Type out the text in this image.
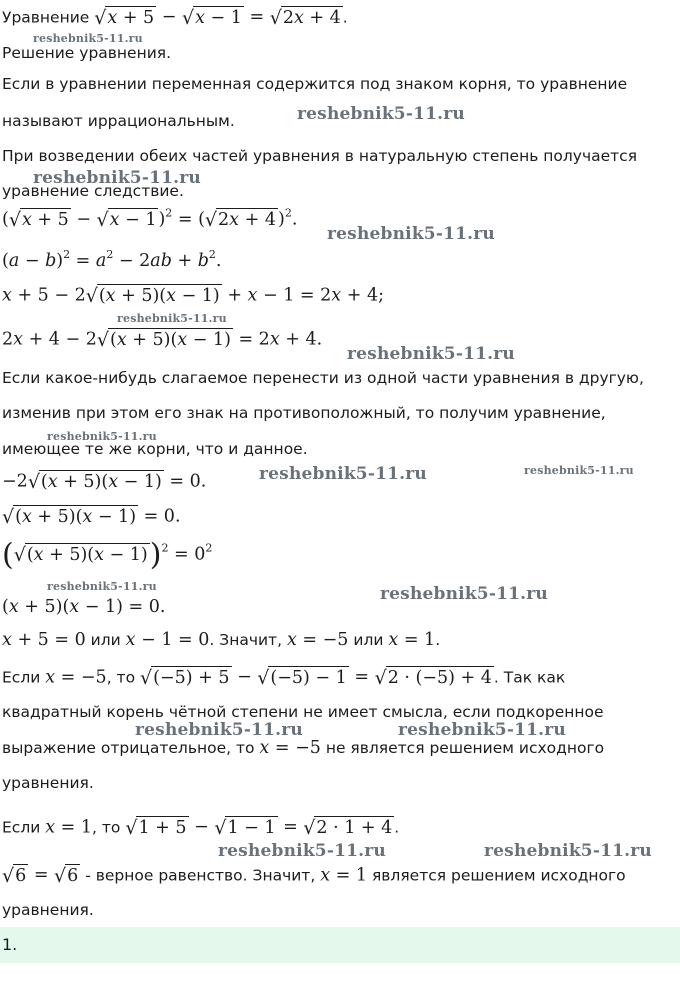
Уравнение √ x + 5 − √ x − 1 = √ 2x + 4 .
Решение уравнения.
Если в уравнении переменная содержится под знаком корня, то уравнение
называют иррациональным.
При возведении обеих частей уравнения в натуральную степень получается
уравнение следствие.
( √ x + 5 − √ x − 1 )$^2$ = ( √ 2x + 4 )$^2$.
$(a - b)^2 = a^2 - 2ab + b^2$.
x + 5 − 2 √ (x + 5)(x − 1) + x − 1 = 2x + 4;
2x + 4 − 2 √ (x + 5)(x − 1) = 2x + 4.
Если какое-нибудь слагаемое перенести из одной части уравнения в другую,
изменив при этом его знак на противоположный, то получим уравнение,
имеющее те же корни, что и данное.
−2 √ (x + 5)(x − 1) = 0.
√ (x + 5)(x − 1) = 0.
( √ (x + 5)(x − 1) )$^2 = 0^2$
(x + 5)(x − 1) = 0.
x + 5 = 0 или x − 1 = 0. Значит, x = −5 или x = 1.
Если x = −5, то √ (−5) + 5 − √ (−5) − 1 = √ 2 · (−5) + 4 . Так как
квадратный корень чётной степени не имеет смысла, если подкоренное
выражение отрицательное, то x = −5 не является решением исходного
уравнения.
Если x = 1, то √ 1 + 5 − √ 1 − 1 = √ 2 · 1 + 4 .
√ 6 = √ 6 - верное равенство. Значит, x = 1 является решением исходного
уравнения.
1.
reshebnik5-11.ru
reshebnik5-11.ru
reshebnik5-11.ru
reshebnik5-11.ru
reshebnik5-11.ru
reshebnik5-11.ru
reshebnik5-11.ru
reshebnik5-11.ru	reshebnik5-11.ru
reshebnik5-11.ru	reshebnik5-11.ru
reshebnik5-11.ru	reshebnik5-11.ru
reshebnik5-11.ru	reshebnik5-11.ru
